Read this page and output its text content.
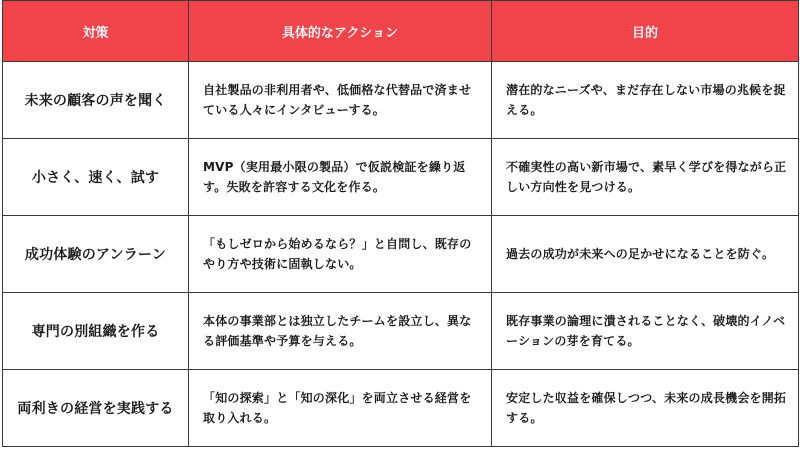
対策	具体的なアクション	目的
未来の顧客の声を聞く	自社製品の非利用者や、低価格な代替品で済ませている人々にインタビューする。	潜在的なニーズや、まだ存在しない市場の兆候を捉える。
小さく、速く、試す	MVP（実用最小限の製品）で仮説検証を繰り返す。失敗を許容する文化を作る。	不確実性の高い新市場で、素早く学びを得ながら正しい方向性を見つける。
成功体験のアンラーン	「もしゼロから始めるなら？」と自問し、既存のやり方や技術に固執しない。	過去の成功が未来への足かせになることを防ぐ。
専門の別組織を作る	本体の事業部とは独立したチームを設立し、異なる評価基準や予算を与える。	既存事業の論理に潰されることなく、破壊的イノベーションの芽を育てる。
両利きの経営を実践する	「知の探索」と「知の深化」を両立させる経営を取り入れる。	安定した収益を確保しつつ、未来の成長機会を開拓する。
